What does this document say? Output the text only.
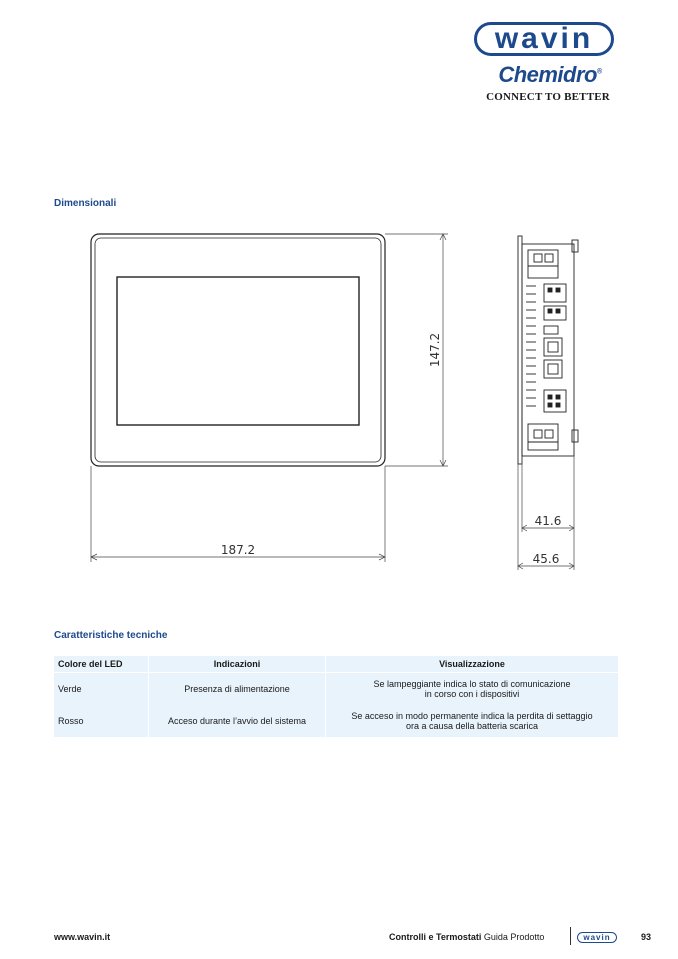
wavin
Chemidro®
CONNECT TO BETTER
Dimensionali
147.2
187.2
41.6
45.6
Caratteristiche tecniche
Colore del LED	Indicazioni	Visualizzazione
Verde	Presenza di alimentazione	Se lampeggiante indica lo stato di comunicazione
in corso con i dispositivi
Rosso	Acceso durante l’avvio del sistema	Se acceso in modo permanente indica la perdita di settaggio
ora a causa della batteria scarica
www.wavin.it	Controlli e Termostati Guida Prodotto	wavin	93
